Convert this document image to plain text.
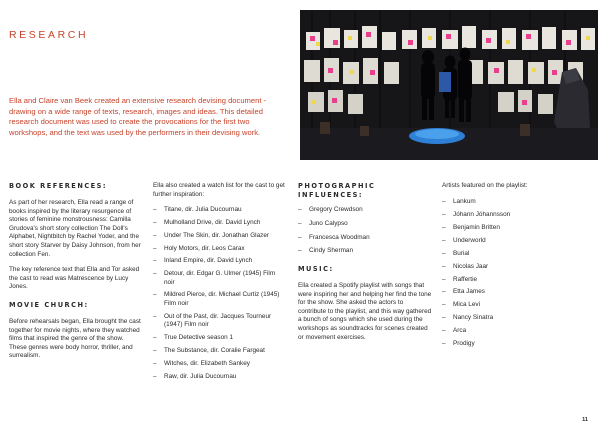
RESEARCH

Ella and Claire van Beek created an extensive research devising document - drawing on a wide range of texts, research, images and ideas. This detailed research document was used to create the provocations for the first two workshops, and the text was used by the performers in their devising work.

BOOK REFERENCES:

As part of her research, Ella read a range of books inspired by the literary resurgence of stories of feminine monstrousness: Camilla Grudova's short story collection The Doll's Alphabet, Nightbitch by Rachel Yoder, and the short story Starver by Daisy Johnson, from her collection Fen.

The key reference text that Ella and Tor asked the cast to read was Matrescence by Lucy Jones.

MOVIE CHURCH:

Before rehearsals began, Ella brought the cast together for movie nights, where they watched films that inspired the genre of the show. These genres were body horror, thriller, and surrealism.

Ella also created a watch list for the cast to get further inspiration:

– Titane, dir. Julia Ducournau
– Mulholland Drive, dir. David Lynch
– Under The Skin, dir. Jonathan Glazer
– Holy Motors, dir. Leos Carax
– Inland Empire, dir. David Lynch
– Detour, dir. Edgar G. Ulmer (1945) Film noir
– Mildred Pierce, dir. Michael Curtiz (1945) Film noir
– Out of the Past, dir. Jacques Tourneur (1947) Film noir
– True Detective season 1
– The Substance, dir. Coralie Fargeat
– Witches, dir. Elizabeth Sankey
– Raw, dir. Julia Ducournau
PHOTOGRAPHIC
INFLUENCES:
– Gregory Crewdson
– Juno Calypso
– Francesca Woodman
– Cindy Sherman
MUSIC:

Ella created a Spotify playlist with songs that were inspiring her and helping her find the tone for the show. She asked the actors to contribute to the playlist, and this way gathered a bunch of songs which she used during the workshops as soundtracks for scenes created or movement exercises.

Artists featured on the playlist:

– Lankum
– Jóhann Jóhannsson
– Benjamin Britten
– Underworld
– Burial
– Nicolas Jaar
– Raffertie
– Etta James
– Mica Levi
– Nancy Sinatra
– Arca
– Prodigy
11
